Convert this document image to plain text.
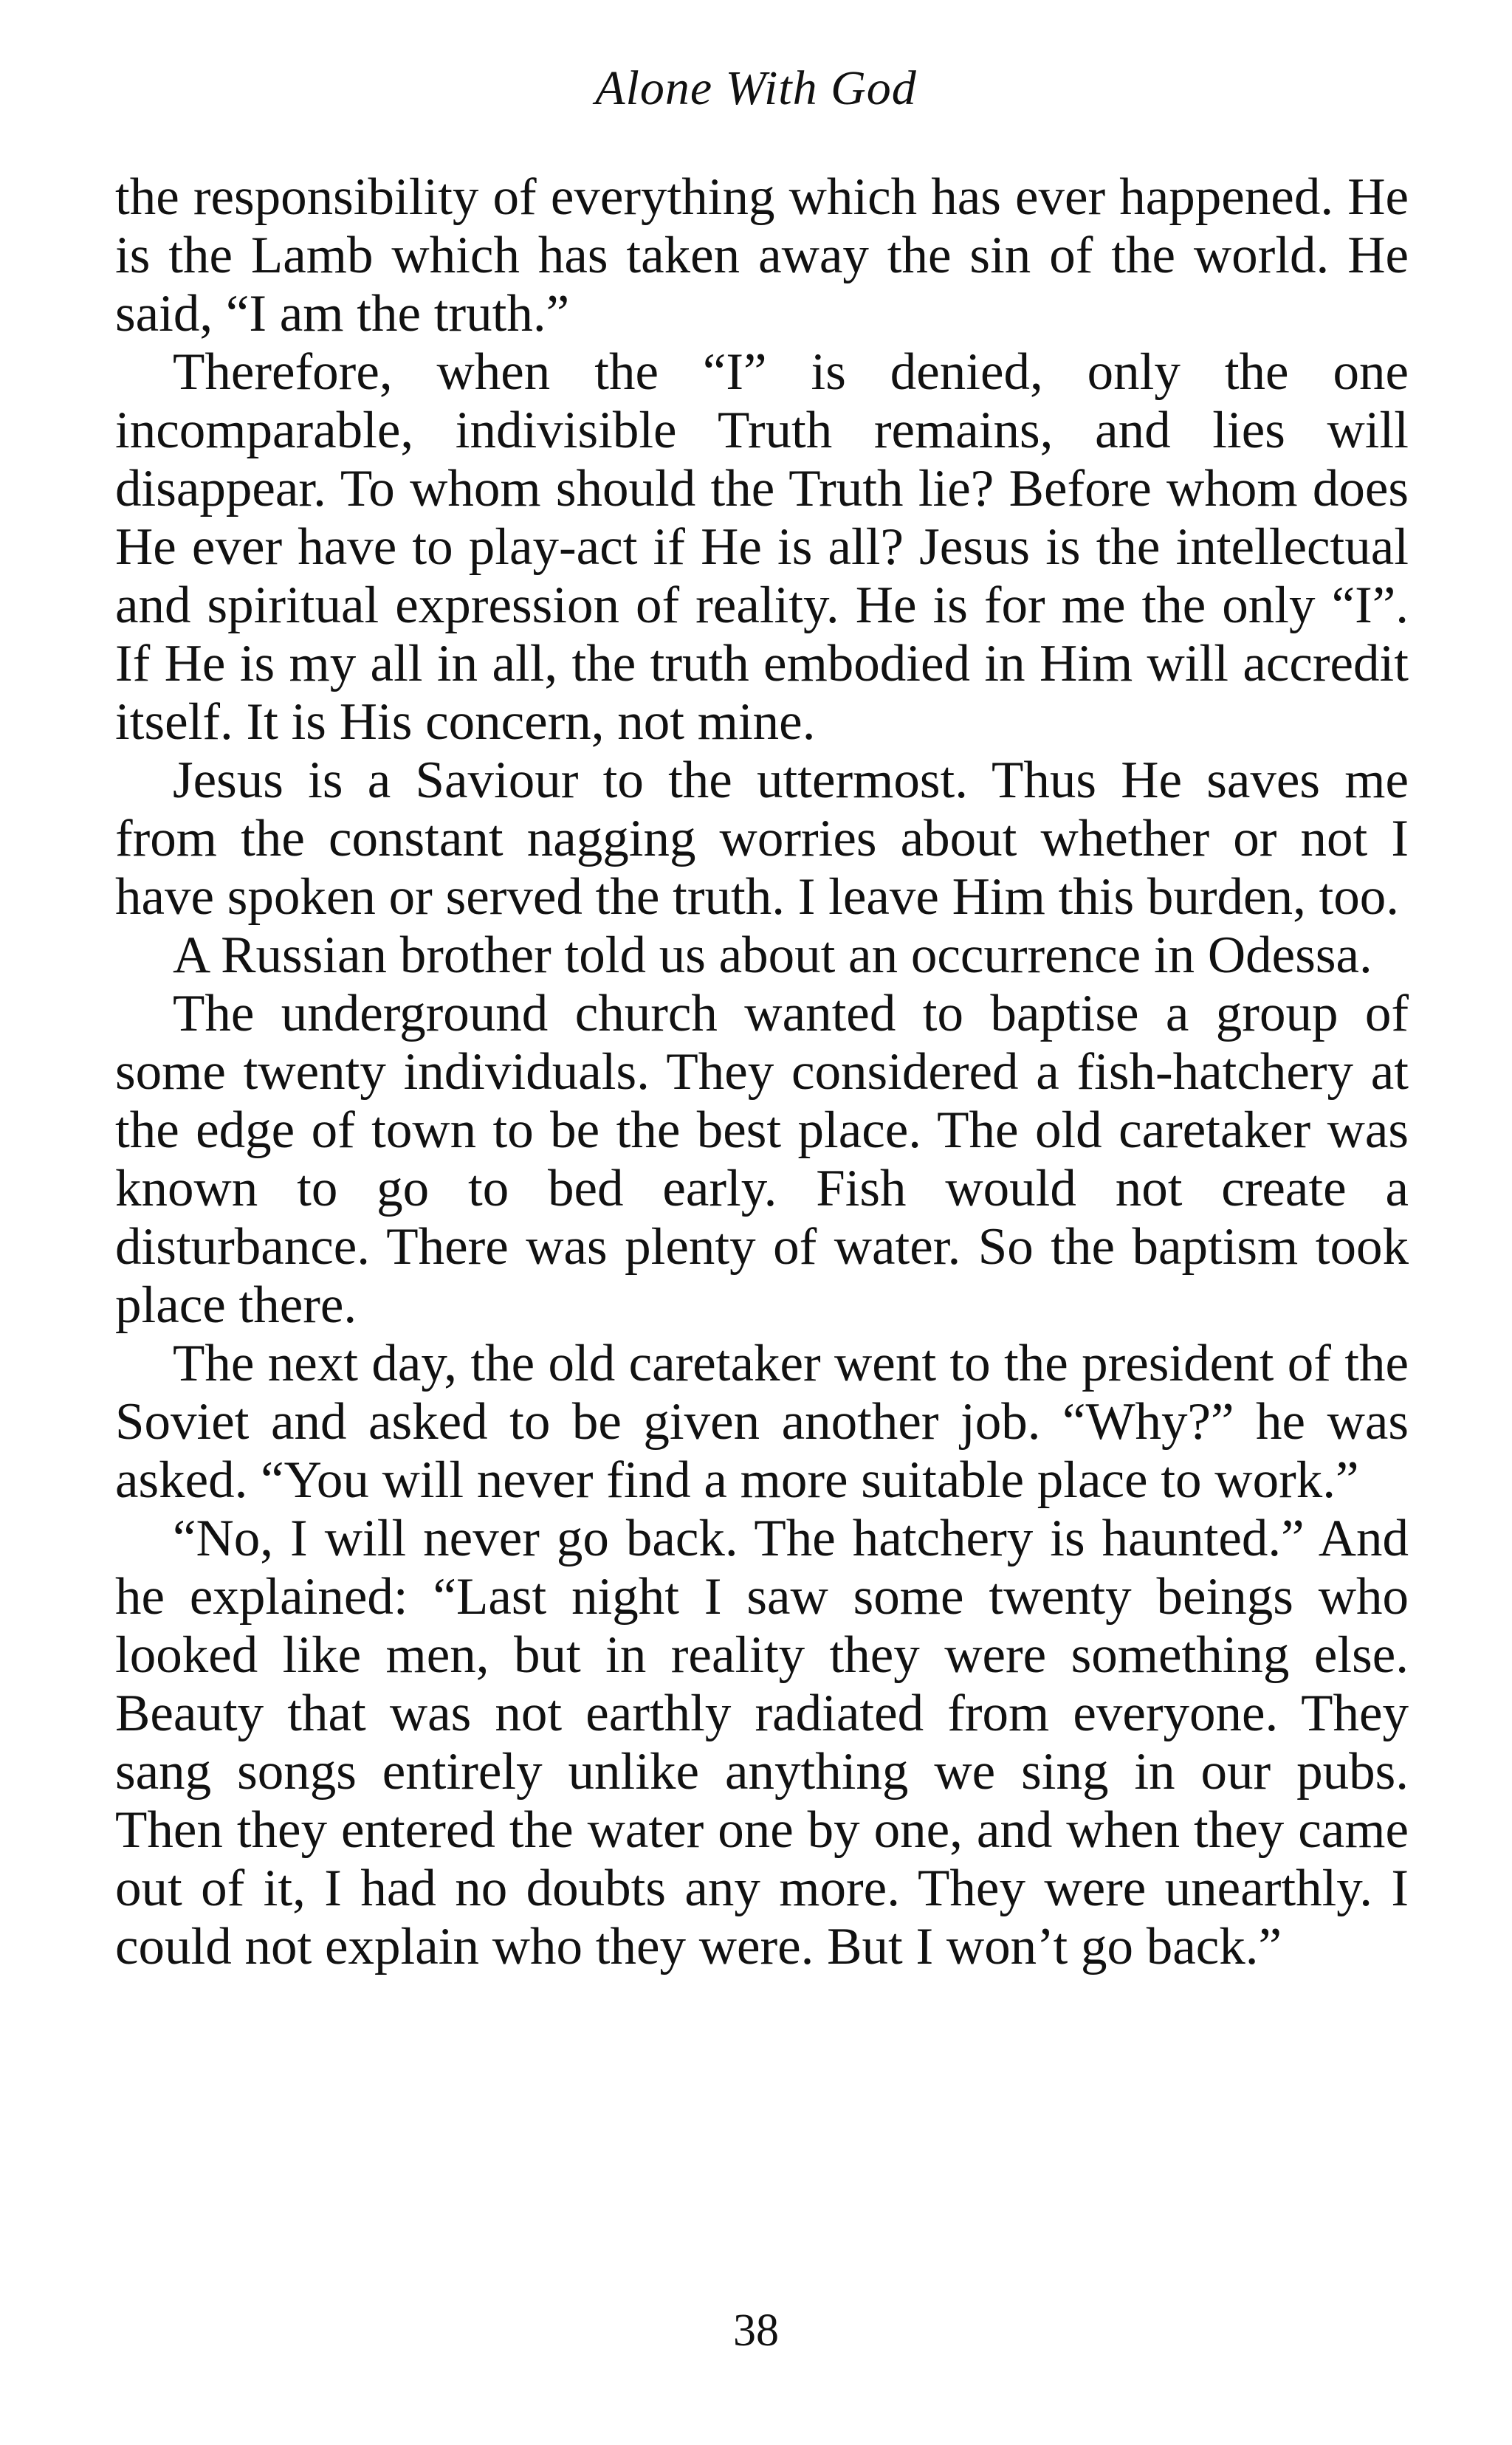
Alone With God

the responsibility of everything which has ever happened. He is the Lamb which has taken away the sin of the world. He said, “I am the truth.”

Therefore, when the “I” is denied, only the one incomparable, indivisible Truth remains, and lies will disappear. To whom should the Truth lie? Before whom does He ever have to play-act if He is all? Jesus is the intellectual and spiritual expression of reality. He is for me the only “I”. If He is my all in all, the truth embodied in Him will accredit itself. It is His concern, not mine.

Jesus is a Saviour to the uttermost. Thus He saves me from the constant nagging worries about whether or not I have spoken or served the truth. I leave Him this burden, too.

A Russian brother told us about an occurrence in Odessa.

The underground church wanted to baptise a group of some twenty individuals. They considered a fish-hatchery at the edge of town to be the best place. The old caretaker was known to go to bed early. Fish would not create a disturbance. There was plenty of water. So the baptism took place there.

The next day, the old caretaker went to the president of the Soviet and asked to be given another job. “Why?” he was asked. “You will never find a more suitable place to work.”

“No, I will never go back. The hatchery is haunted.” And he explained: “Last night I saw some twenty beings who looked like men, but in reality they were something else. Beauty that was not earthly radiated from everyone. They sang songs entirely unlike anything we sing in our pubs. Then they entered the water one by one, and when they came out of it, I had no doubts any more. They were unearthly. I could not explain who they were. But I won’t go back.”

38
